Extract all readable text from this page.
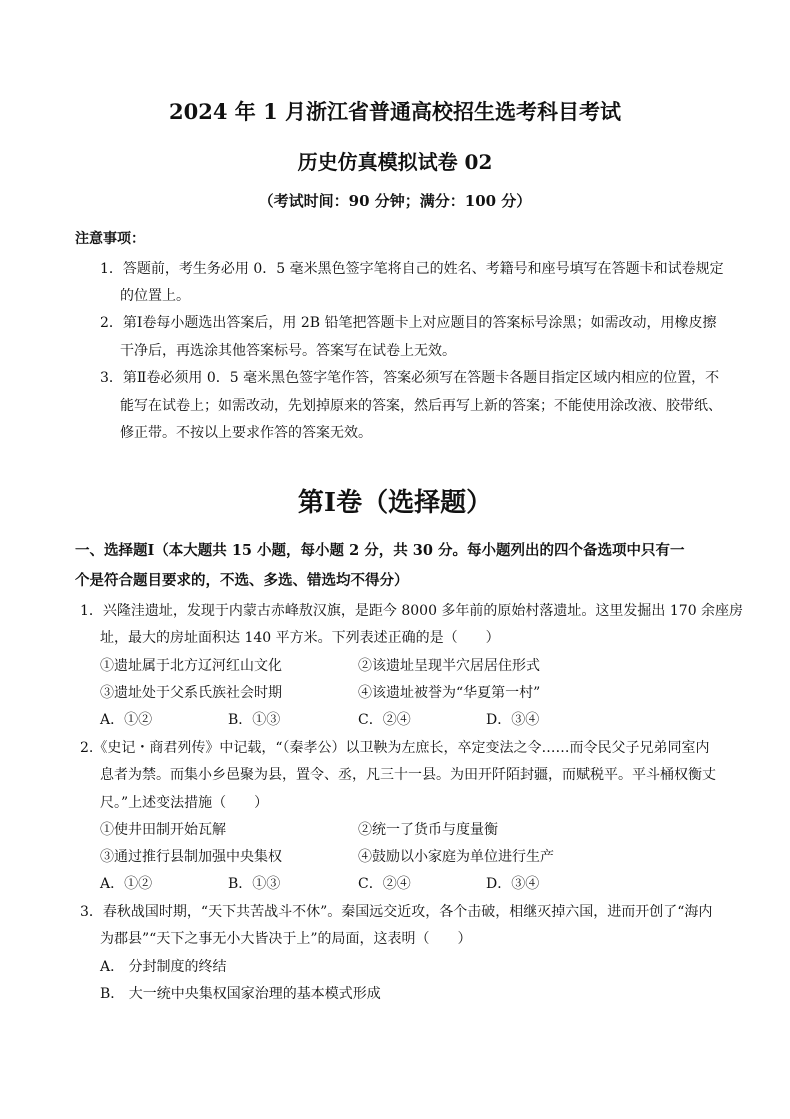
2024 年 1 月浙江省普通高校招生选考科目考试
历史仿真模拟试卷 02
（考试时间：90 分钟；满分：100 分）
注意事项：
1．答题前，考生务必用 0．5 毫米黑色签字笔将自己的姓名、考籍号和座号填写在答题卡和试卷规定
的位置上。
2．第Ⅰ卷每小题选出答案后，用 2B 铅笔把答题卡上对应题目的答案标号涂黑；如需改动，用橡皮擦
干净后，再选涂其他答案标号。答案写在试卷上无效。
3．第Ⅱ卷必须用 0．5 毫米黑色签字笔作答，答案必须写在答题卡各题目指定区域内相应的位置，不
能写在试卷上；如需改动，先划掉原来的答案，然后再写上新的答案；不能使用涂改液、胶带纸、
修正带。不按以上要求作答的答案无效。
第Ⅰ卷（选择题）
一、选择题Ⅰ（本大题共 15 小题，每小题 2 分，共 30 分。每小题列出的四个备选项中只有一
个是符合题目要求的，不选、多选、错选均不得分）
1．兴隆洼遗址，发现于内蒙古赤峰敖汉旗，是距今 8000 多年前的原始村落遗址。这里发掘出 170 余座房
址，最大的房址面积达 140 平方米。下列表述正确的是（　　）
①遗址属于北方辽河红山文化	②该遗址呈现半穴居居住形式
③遗址处于父系氏族社会时期	④该遗址被誉为“华夏第一村”
A．①②	B．①③	C．②④	D．③④
2.《史记・商君列传》中记载，“（秦孝公）以卫鞅为左庶长，卒定变法之令……而令民父子兄弟同室内
息者为禁。而集小乡邑聚为县，置令、丞，凡三十一县。为田开阡陌封疆，而赋税平。平斗桶权衡丈
尺。”上述变法措施（　　）
①使井田制开始瓦解	②统一了货币与度量衡
③通过推行县制加强中央集权	④鼓励以小家庭为单位进行生产
A．①②	B．①③	C．②④	D．③④
3．春秋战国时期，“天下共苦战斗不休”。秦国远交近攻，各个击破，相继灭掉六国，进而开创了“海内
为郡县”“天下之事无小大皆决于上”的局面，这表明（　　）
A． 分封制度的终结
B． 大一统中央集权国家治理的基本模式形成
